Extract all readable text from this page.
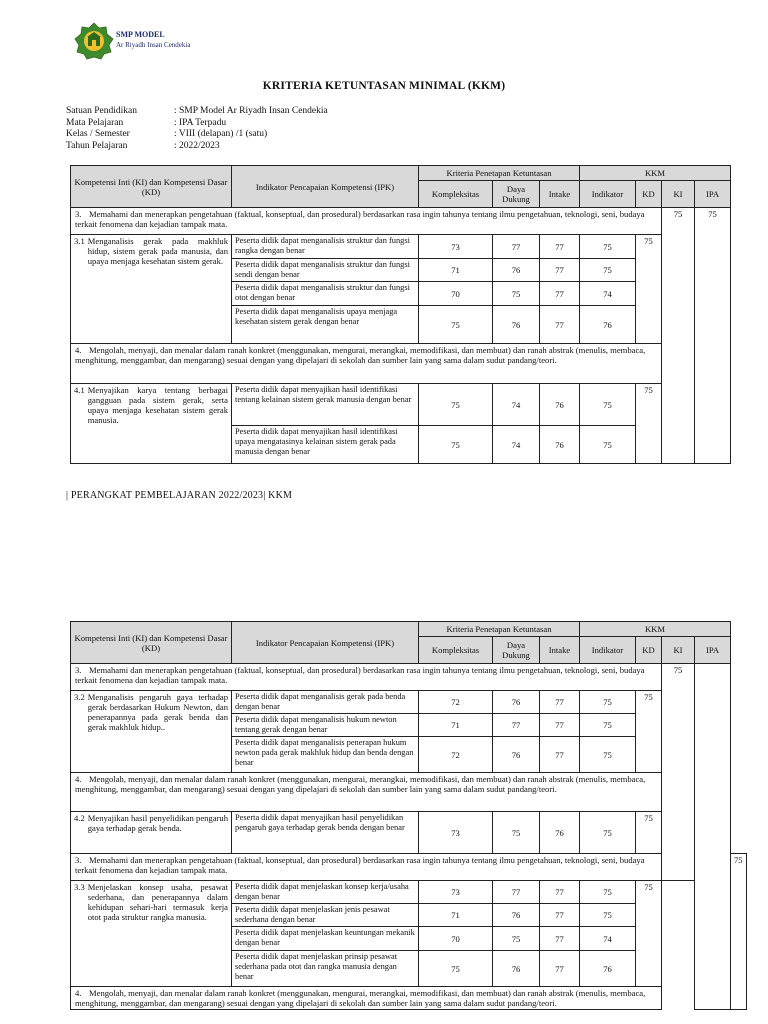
SMP MODEL
Ar Riyadh Insan Cendekia
KRITERIA KETUNTASAN MINIMAL (KKM)
Satuan Pendidikan	: SMP Model Ar Riyadh Insan Cendekia
Mata Pelajaran	: IPA Terpadu
Kelas / Semester	: VIII (delapan) /1 (satu)
Tahun Pelajaran	: 2022/2023
Kompetensi Inti (KI) dan Kompetensi Dasar (KD)	Indikator Pencapaian Kompetensi (IPK)	Kriteria Penetapan Ketuntasan			KKM			
		Kompleksitas	Daya Dukung	Intake	Indikator	KD	KI	IPA
3. Memahami dan menerapkan pengetahuan (faktual, konseptual, dan prosedural) berdasarkan rasa ingin tahunya tentang ilmu pengetahuan, teknologi, seni, budaya terkait fenomena dan kejadian tampak mata.							75	75

3.1 Menganalisis gerak pada makhluk hidup, sistem gerak pada manusia, dan upaya menjaga kesehatan sistem gerak.	Peserta didik dapat menganalisis struktur dan fungsi rangka dengan benar	73	77	77	75	75		
	Peserta didik dapat menganalisis struktur dan fungsi sendi dengan benar	71	76	77	75			
	Peserta didik dapat menganalisis struktur dan fungsi otot dengan benar	70	75	77	74			
	Peserta didik dapat menganalisis upaya menjaga kesehatan sistem gerak dengan benar	75	76	77	76			
4. Mengolah, menyaji, dan menalar dalam ranah konkret (menggunakan, mengurai, merangkai, memodifikasi, dan membuat) dan ranah abstrak (menulis, membaca, menghitung, menggambar, dan mengarang) sesuai dengan yang dipelajari di sekolah dan sumber lain yang sama dalam sudut pandang/teori.								

4.1 Menyajikan karya tentang berbagai gangguan pada sistem gerak, serta upaya menjaga kesehatan sistem gerak manusia.	Peserta didik dapat menyajikan hasil identifikasi tentang kelainan sistem gerak manusia dengan benar	75	74	76	75	75		
	Peserta didik dapat menyajikan hasil identifikasi upaya mengatasinya kelainan sistem gerak pada manusia dengan benar	75	74	76	75			
| PERANGKAT PEMBELAJARAN 2022/2023| KKM
Kompetensi Inti (KI) dan Kompetensi Dasar (KD)	Indikator Pencapaian Kompetensi (IPK)	Kriteria Penetapan Ketuntasan			KKM				
		Kompleksitas	Daya Dukung	Intake	Indikator	KD	KI	IPA	
3. Memahami dan menerapkan pengetahuan (faktual, konseptual, dan prosedural) berdasarkan rasa ingin tahunya tentang ilmu pengetahuan, teknologi, seni, budaya terkait fenomena dan kejadian tampak mata.							75		

3.2 Menganalisis pengaruh gaya terhadap gerak berdasarkan Hukum Newton, dan penerapannya pada gerak benda dan gerak makhluk hidup..	Peserta didik dapat menganalisis gerak pada benda dengan benar	72	76	77	75	75			
	Peserta didik dapat menganalisis hukum newton tentang gerak dengan benar	71	77	77	75				
	Peserta didik dapat menganalisis penerapan hukum newton pada gerak makhluk hidup dan benda dengan benar	72	76	77	75				
4. Mengolah, menyaji, dan menalar dalam ranah konkret (menggunakan, mengurai, merangkai, memodifikasi, dan membuat) dan ranah abstrak (menulis, membaca, menghitung, menggambar, dan mengarang) sesuai dengan yang dipelajari di sekolah dan sumber lain yang sama dalam sudut pandang/teori.									

4.2 Menyajikan hasil penyelidikan pengaruh gaya terhadap gerak benda.	Peserta didik dapat menyajikan hasil penyelidikan pengaruh gaya terhadap gerak benda dengan benar	73	75	76	75	75			
3. Memahami dan menerapkan pengetahuan (faktual, konseptual, dan prosedural) berdasarkan rasa ingin tahunya tentang ilmu pengetahuan, teknologi, seni, budaya terkait fenomena dan kejadian tampak mata.									75

3.3 Menjelaskan konsep usaha, pesawat sederhana, dan penerapannya dalam kehidupan sehari-hari termasuk kerja otot pada struktur rangka manusia.	Peserta didik dapat menjelaskan konsep kerja/usaha dengan benar	73	77	77	75	75			
	Peserta didik dapat menjelaskan jenis pesawat sederhana dengan benar	71	76	77	75				
	Peserta didik dapat menjelaskan keuntungan mekanik dengan benar	70	75	77	74				
	Peserta didik dapat menjelaskan prinsip pesawat sederhana pada otot dan rangka manusia dengan benar	75	76	77	76				
4. Mengolah, menyaji, dan menalar dalam ranah konkret (menggunakan, mengurai, merangkai, memodifikasi, dan membuat) dan ranah abstrak (menulis, membaca, menghitung, menggambar, dan mengarang) sesuai dengan yang dipelajari di sekolah dan sumber lain yang sama dalam sudut pandang/teori.									
